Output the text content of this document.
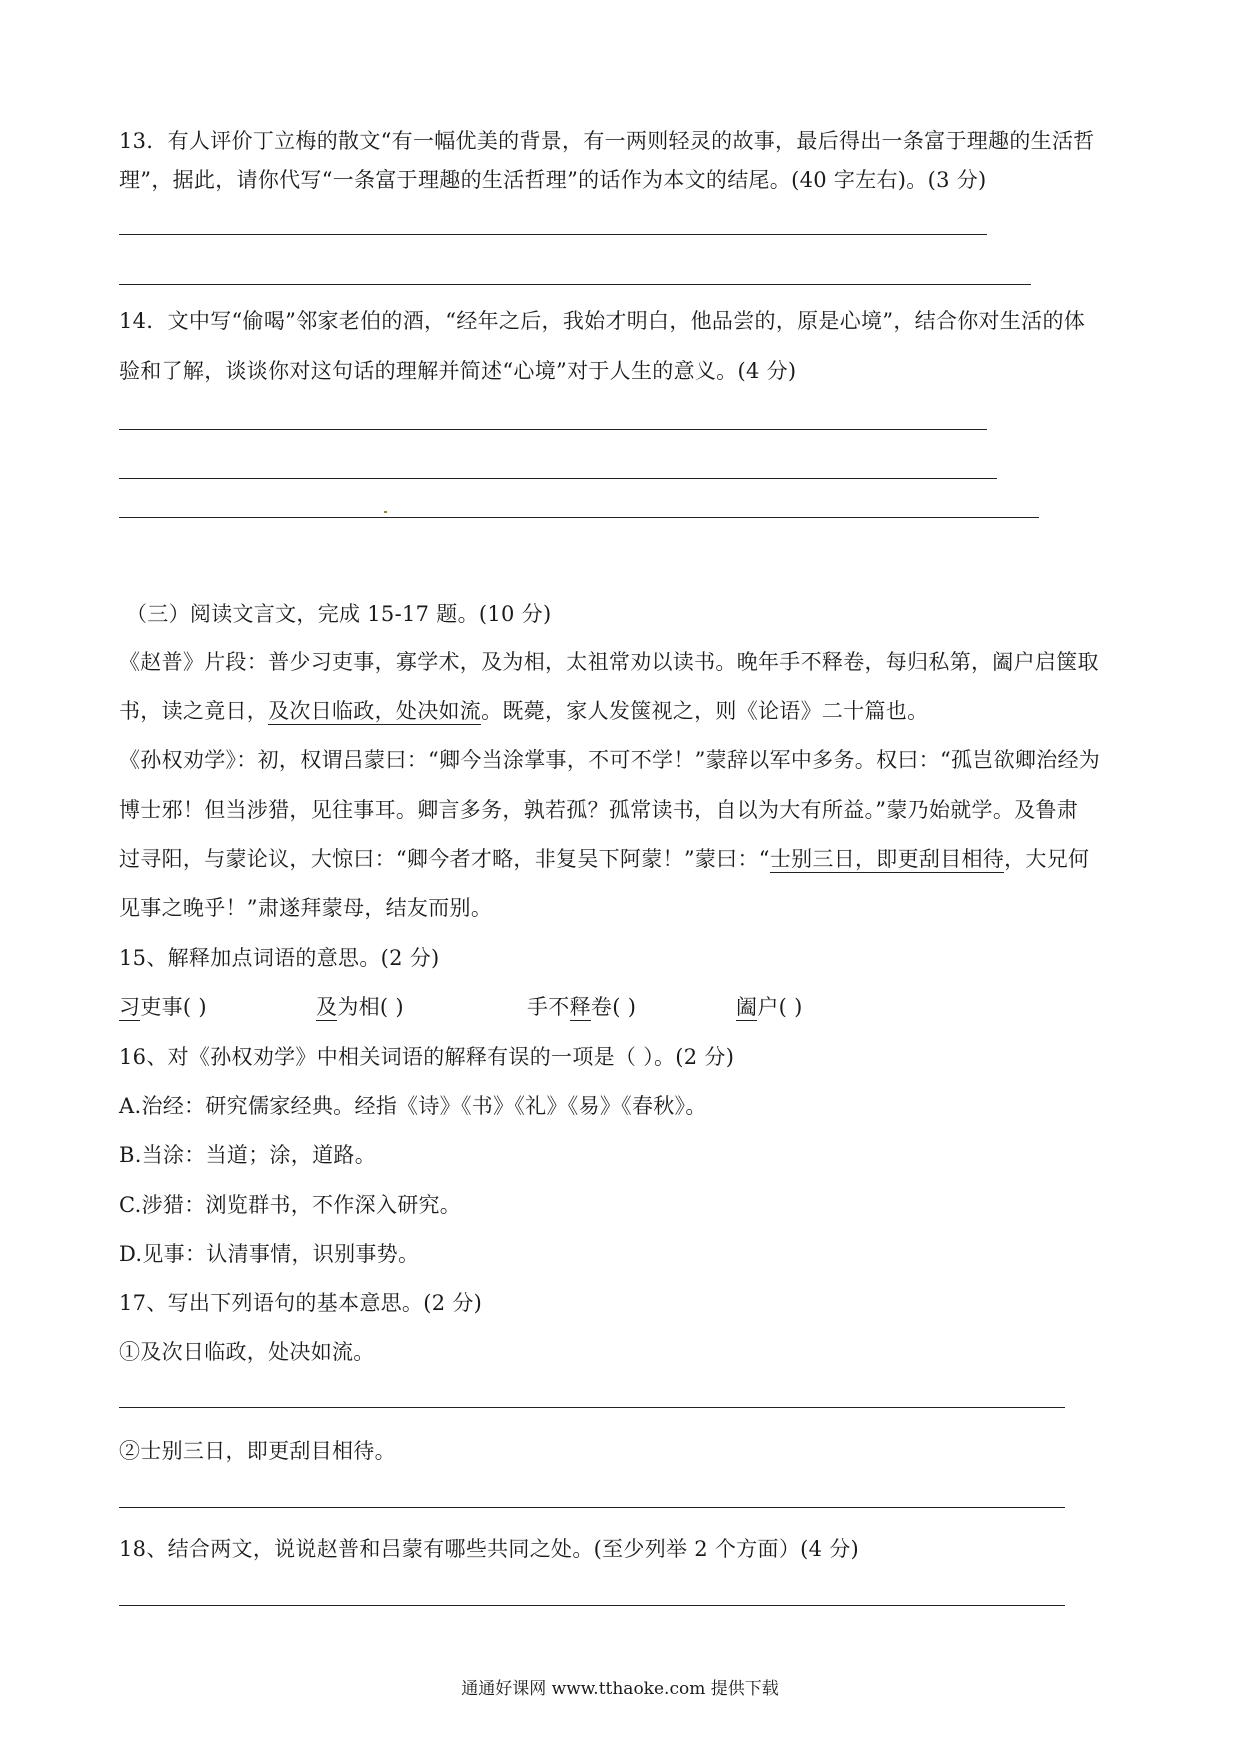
13．有人评价丁立梅的散文“有一幅优美的背景，有一两则轻灵的故事，最后得出一条富于理趣的生活哲
理”，据此，请你代写“一条富于理趣的生活哲理”的话作为本文的结尾。(40 字左右)。(3 分)
14．文中写“偷喝”邻家老伯的酒，“经年之后，我始才明白，他品尝的，原是心境”，结合你对生活的体
验和了解，谈谈你对这句话的理解并简述“心境”对于人生的意义。(4 分)
（三）阅读文言文，完成 15-17 题。(10 分)
《赵普》片段：普少习吏事，寡学术，及为相，太祖常劝以读书。晚年手不释卷，每归私第，阖户启箧取
书，读之竟日，及次日临政，处决如流。既薨，家人发箧视之，则《论语》二十篇也。
《孙权劝学》：初，权谓吕蒙曰：“卿今当涂掌事，不可不学！”蒙辞以军中多务。权曰：“孤岂欲卿治经为
博士邪！但当涉猎，见往事耳。卿言多务，孰若孤？孤常读书，自以为大有所益。”蒙乃始就学。及鲁肃
过寻阳，与蒙论议，大惊曰：“卿今者才略，非复吴下阿蒙！”蒙曰：“士别三日，即更刮目相待，大兄何
见事之晚乎！”肃遂拜蒙母，结友而别。
15、解释加点词语的意思。(2 分)
习吏事( )	及为相( )	手不释卷( )	阖户( )
16、对《孙权劝学》中相关词语的解释有误的一项是（ ）。(2 分)
A.治经：研究儒家经典。经指《诗》《书》《礼》《易》《春秋》。
B.当涂：当道；涂，道路。
C.涉猎：浏览群书，不作深入研究。
D.见事：认清事情，识别事势。
17、写出下列语句的基本意思。(2 分)
①及次日临政，处决如流。
②士别三日，即更刮目相待。
18、结合两文，说说赵普和吕蒙有哪些共同之处。(至少列举 2 个方面）(4 分)
通通好课网 www.tthaoke.com 提供下载
